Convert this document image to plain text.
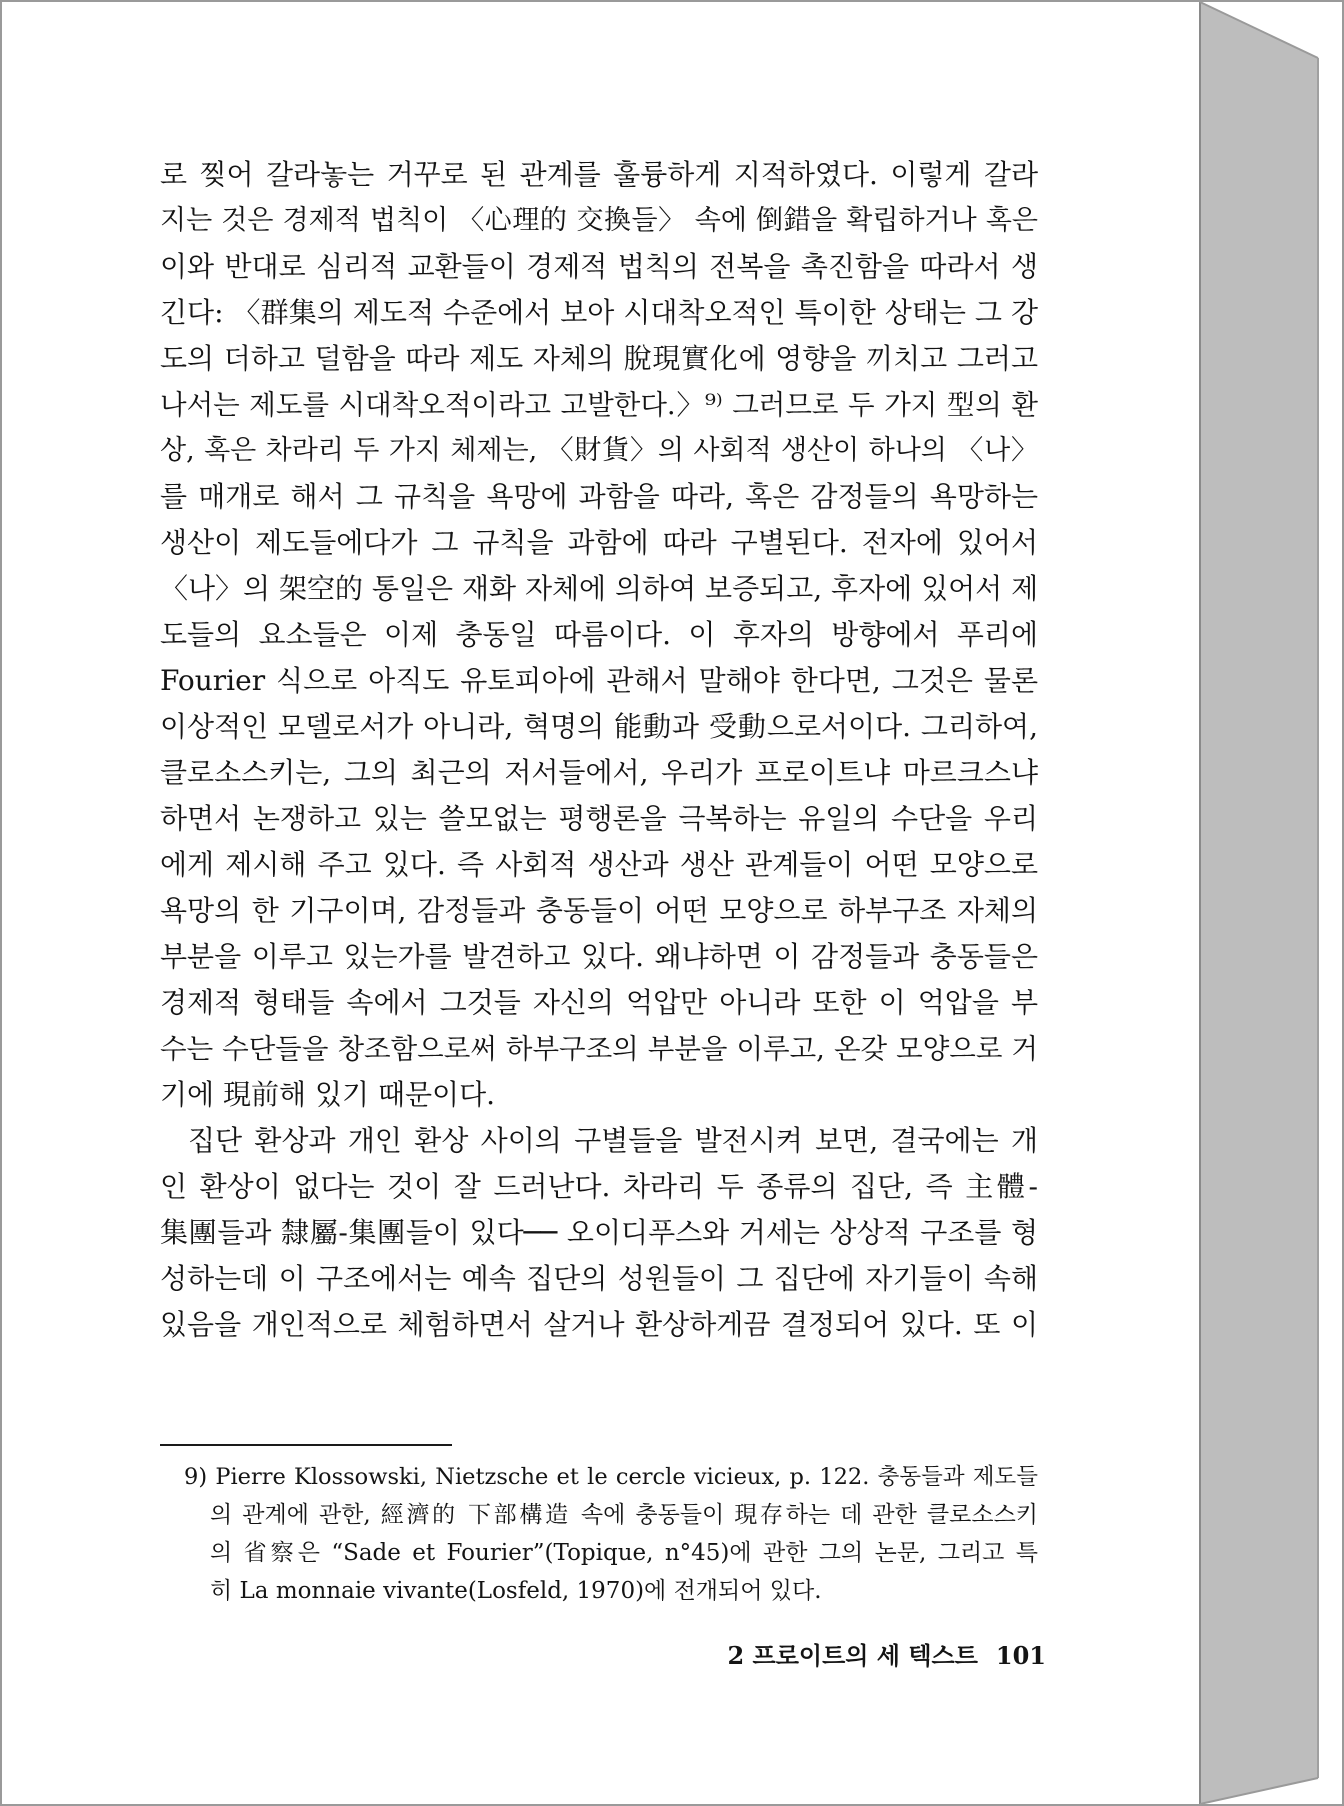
로 찢어 갈라놓는 거꾸로 된 관계를 훌륭하게 지적하였다. 이렇게 갈라
지는 것은 경제적 법칙이 〈心理的 交換들〉 속에 倒錯을 확립하거나 혹은
이와 반대로 심리적 교환들이 경제적 법칙의 전복을 촉진함을 따라서 생
긴다: 〈群集의 제도적 수준에서 보아 시대착오적인 특이한 상태는 그 강
도의 더하고 덜함을 따라 제도 자체의 脫現實化에 영향을 끼치고 그러고
나서는 제도를 시대착오적이라고 고발한다.〉⁹⁾ 그러므로 두 가지 型의 환
상, 혹은 차라리 두 가지 체제는, 〈財貨〉의 사회적 생산이 하나의 〈나〉
를 매개로 해서 그 규칙을 욕망에 과함을 따라, 혹은 감정들의 욕망하는
생산이 제도들에다가 그 규칙을 과함에 따라 구별된다. 전자에 있어서
〈나〉의 架空的 통일은 재화 자체에 의하여 보증되고, 후자에 있어서 제
도들의 요소들은 이제 충동일 따름이다. 이 후자의 방향에서 푸리에
Fourier 식으로 아직도 유토피아에 관해서 말해야 한다면, 그것은 물론
이상적인 모델로서가 아니라, 혁명의 能動과 受動으로서이다. 그리하여,
클로소스키는, 그의 최근의 저서들에서, 우리가 프로이트냐 마르크스냐
하면서 논쟁하고 있는 쓸모없는 평행론을 극복하는 유일의 수단을 우리
에게 제시해 주고 있다. 즉 사회적 생산과 생산 관계들이 어떤 모양으로
욕망의 한 기구이며, 감정들과 충동들이 어떤 모양으로 하부구조 자체의
부분을 이루고 있는가를 발견하고 있다. 왜냐하면 이 감정들과 충동들은
경제적 형태들 속에서 그것들 자신의 억압만 아니라 또한 이 억압을 부
수는 수단들을 창조함으로써 하부구조의 부분을 이루고, 온갖 모양으로 거
기에 現前해 있기 때문이다.
집단 환상과 개인 환상 사이의 구별들을 발전시켜 보면, 결국에는 개
인 환상이 없다는 것이 잘 드러난다. 차라리 두 종류의 집단, 즉 主體-
集團들과 隸屬-集團들이 있다── 오이디푸스와 거세는 상상적 구조를 형
성하는데 이 구조에서는 예속 집단의 성원들이 그 집단에 자기들이 속해
있음을 개인적으로 체험하면서 살거나 환상하게끔 결정되어 있다. 또 이
9) Pierre Klossowski, Nietzsche et le cercle vicieux, p. 122. 충동들과 제도들
의 관계에 관한, 經濟的 下部構造 속에 충동들이 現存하는 데 관한 클로소스키
의 省察은 “Sade et Fourier”(Topique, n°45)에 관한 그의 논문, 그리고 특
히 La monnaie vivante(Losfeld, 1970)에 전개되어 있다.
2 프로이트의 세 텍스트 101
